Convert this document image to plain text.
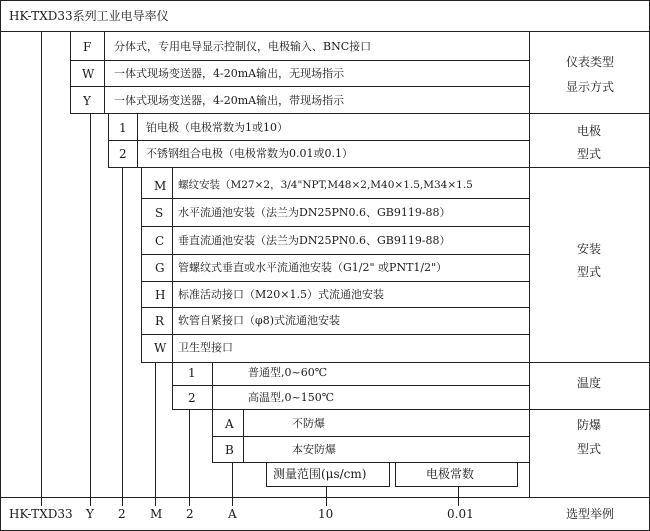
HK-TXD33系列工业电导率仪
F 分体式，专用电导显示控制仪，电极输入、BNC接口
W 一体式现场变送器，4-20mA输出，无现场指示
Y 一体式现场变送器，4-20mA输出，带现场指示
仪表类型
显示方式
1 铂电极（电极常数为1或10）
2 不锈钢组合电极（电极常数为0.01或0.1）
电极
型式
M 螺纹安装（M27×2，3/4"NPT,M48×2,M40×1.5,M34×1.5
S 水平流通池安装（法兰为DN25PN0.6、GB9119-88）
C 垂直流通池安装（法兰为DN25PN0.6、GB9119-88）
G 管螺纹式垂直或水平流通池安装（G1/2" 或PNT1/2"）
H 标准活动接口（M20×1.5）式流通池安装
R 软管自紧接口（φ8)式流通池安装
W 卫生型接口
安装
型式
1	普通型,0~60℃
2	高温型,0~150℃
温度
A	不防爆
B	本安防爆
防爆
型式
测量范围(μs/cm)	电极常数
HK-TXD33 Y 2 M 2	A	10	0.01	选型举例
